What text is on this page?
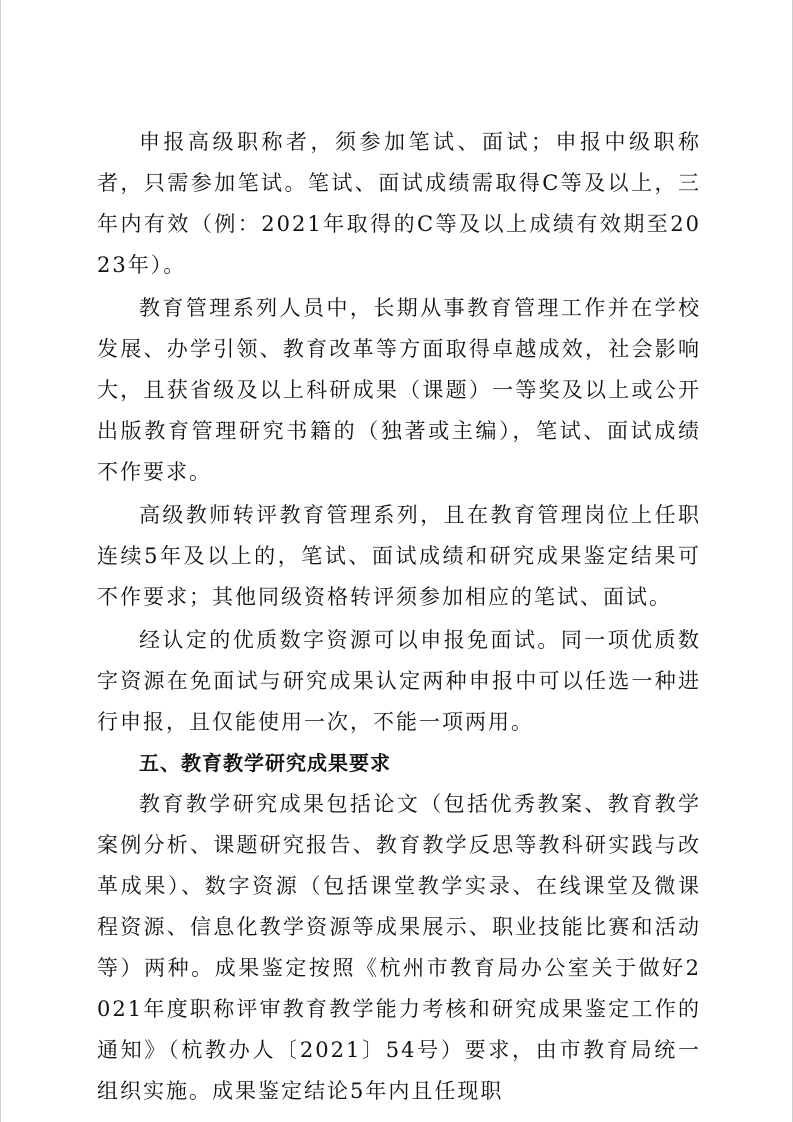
申报高级职称者，须参加笔试、面试；申报中级职称者，只需参加笔试。笔试、面试成绩需取得C等及以上，三年内有效（例：2021年取得的C等及以上成绩有效期至2023年）。

教育管理系列人员中，长期从事教育管理工作并在学校发展、办学引领、教育改革等方面取得卓越成效，社会影响大，且获省级及以上科研成果（课题）一等奖及以上或公开出版教育管理研究书籍的（独著或主编），笔试、面试成绩不作要求。

高级教师转评教育管理系列，且在教育管理岗位上任职连续5年及以上的，笔试、面试成绩和研究成果鉴定结果可不作要求；其他同级资格转评须参加相应的笔试、面试。

经认定的优质数字资源可以申报免面试。同一项优质数字资源在免面试与研究成果认定两种申报中可以任选一种进行申报，且仅能使用一次，不能一项两用。

五、教育教学研究成果要求

教育教学研究成果包括论文（包括优秀教案、教育教学案例分析、课题研究报告、教育教学反思等教科研实践与改革成果）、数字资源（包括课堂教学实录、在线课堂及微课程资源、信息化教学资源等成果展示、职业技能比赛和活动等）两种。成果鉴定按照《杭州市教育局办公室关于做好2021年度职称评审教育教学能力考核和研究成果鉴定工作的通知》（杭教办人〔2021〕54号）要求，由市教育局统一组织实施。成果鉴定结论5年内且任现职
